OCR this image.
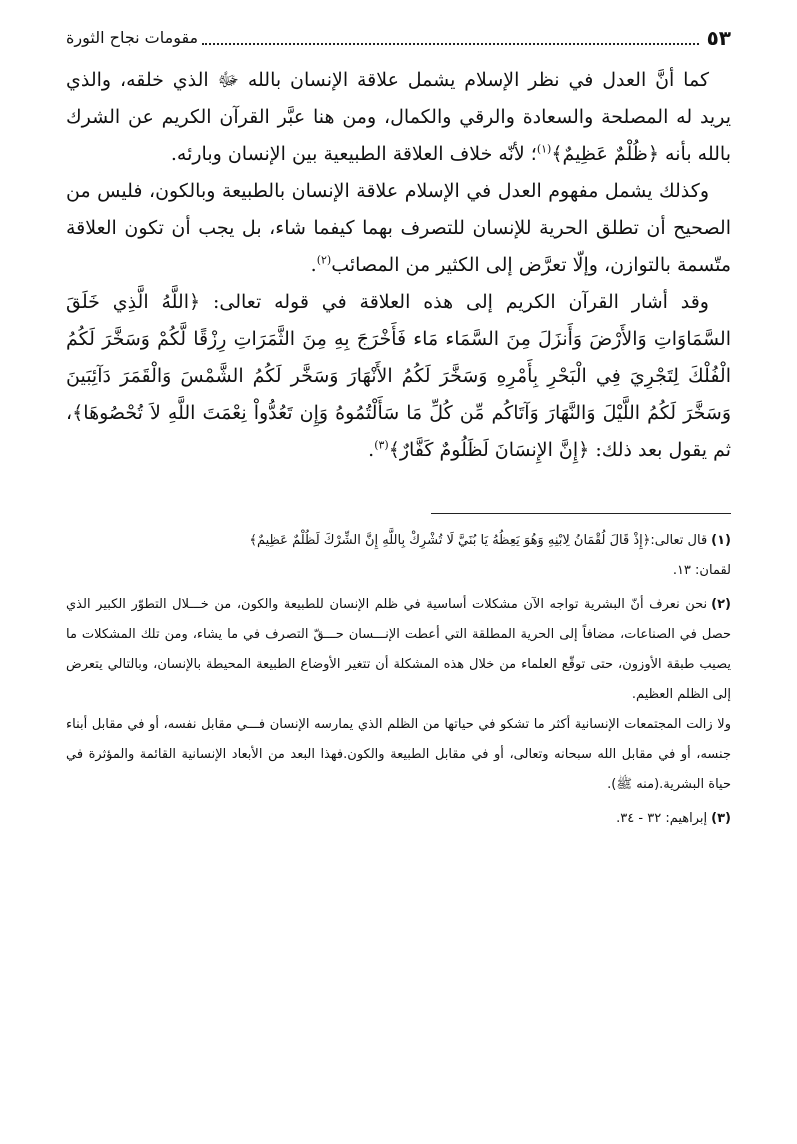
٥٣
مقومات نجاح الثورة

كما أنَّ العدل في نظر الإسلام يشمل علاقة الإنسان بالله ﷻ الذي خلقه، والذي يريد له المصلحة والسعادة والرقي والكمال، ومن هنا عبَّر القرآن الكريم عن الشرك بالله بأنه ﴿ظُلْمٌ عَظِيمٌ﴾$^{(١)}$؛ لأنّه خلاف العلاقة الطبيعية بين الإنسان وبارئه.

وكذلك يشمل مفهوم العدل في الإسلام علاقة الإنسان بالطبيعة وبالكون، فليس من الصحيح أن تطلق الحرية للإنسان للتصرف بهما كيفما شاء، بل يجب أن تكون العلاقة متّسمة بالتوازن، وإلّا تعرَّض إلى الكثير من المصائب$^{(٢)}$.

وقد أشار القرآن الكريم إلى هذه العلاقة في قوله تعالى: ﴿اللَّهُ الَّذِي خَلَقَ السَّمَاوَاتِ وَالأَرْضَ وَأَنزَلَ مِنَ السَّمَاء مَاء فَأَخْرَجَ بِهِ مِنَ الثَّمَرَاتِ رِزْقًا لَّكُمْ وَسَخَّرَ لَكُمُ الْفُلْكَ لِتَجْرِيَ فِي الْبَحْرِ بِأَمْرِهِ وَسَخَّرَ لَكُمُ الأَنْهَارَ وَسَخَّر لَكُمُ الشَّمْسَ وَالْقَمَرَ دَآئِبَينَ وَسَخَّرَ لَكُمُ اللَّيْلَ وَالنَّهَارَ وَآتَاكُم مِّن كُلِّ مَا سَأَلْتُمُوهُ وَإِن تَعُدُّواْ نِعْمَتَ اللَّهِ لاَ تُحْصُوهَا﴾، ثم يقول بعد ذلك: ﴿إِنَّ الإِنسَانَ لَظَلُومٌ كَفَّارٌ﴾$^{(٣)}$.

(١)قال تعالى:﴿إِذْ قَالَ لُقْمَانُ لِابْنِهِ وَهُوَ يَعِظُهُ يَا بُنَيَّ لَا تُشْرِكْ بِاللَّهِ إِنَّ الشِّرْكَ لَظُلْمٌ عَظِيمٌ﴾
لقمان: ١٣.
(٢)نحن نعرف أنّ البشرية تواجه الآن مشكلات أساسية في ظلم الإنسان للطبيعة والكون، من خـــلال التطوّر الكبير الذي حصل في الصناعات، مضافاً إلى الحرية المطلقة التي أعطت الإنـــسان حـــقّ التصرف في ما يشاء، ومن تلك المشكلات ما يصيب طبقة الأوزون، حتى توقّع العلماء من خلال هذه المشكلة أن تتغير الأوضاع الطبيعة المحيطة بالإنسان، وبالتالي يتعرض إلى الظلم العظيم.
ولا زالت المجتمعات الإنسانية أكثر ما تشكو في حياتها من الظلم الذي يمارسه الإنسان فـــي مقابل نفسه، أو في مقابل أبناء جنسه، أو في مقابل الله سبحانه وتعالى، أو في مقابل الطبيعة والكون.فهذا البعد من الأبعاد الإنسانية القائمة والمؤثرة في حياة البشرية.(منه ﷺ).
(٣)إبراهيم: ٣٢ - ٣٤.
